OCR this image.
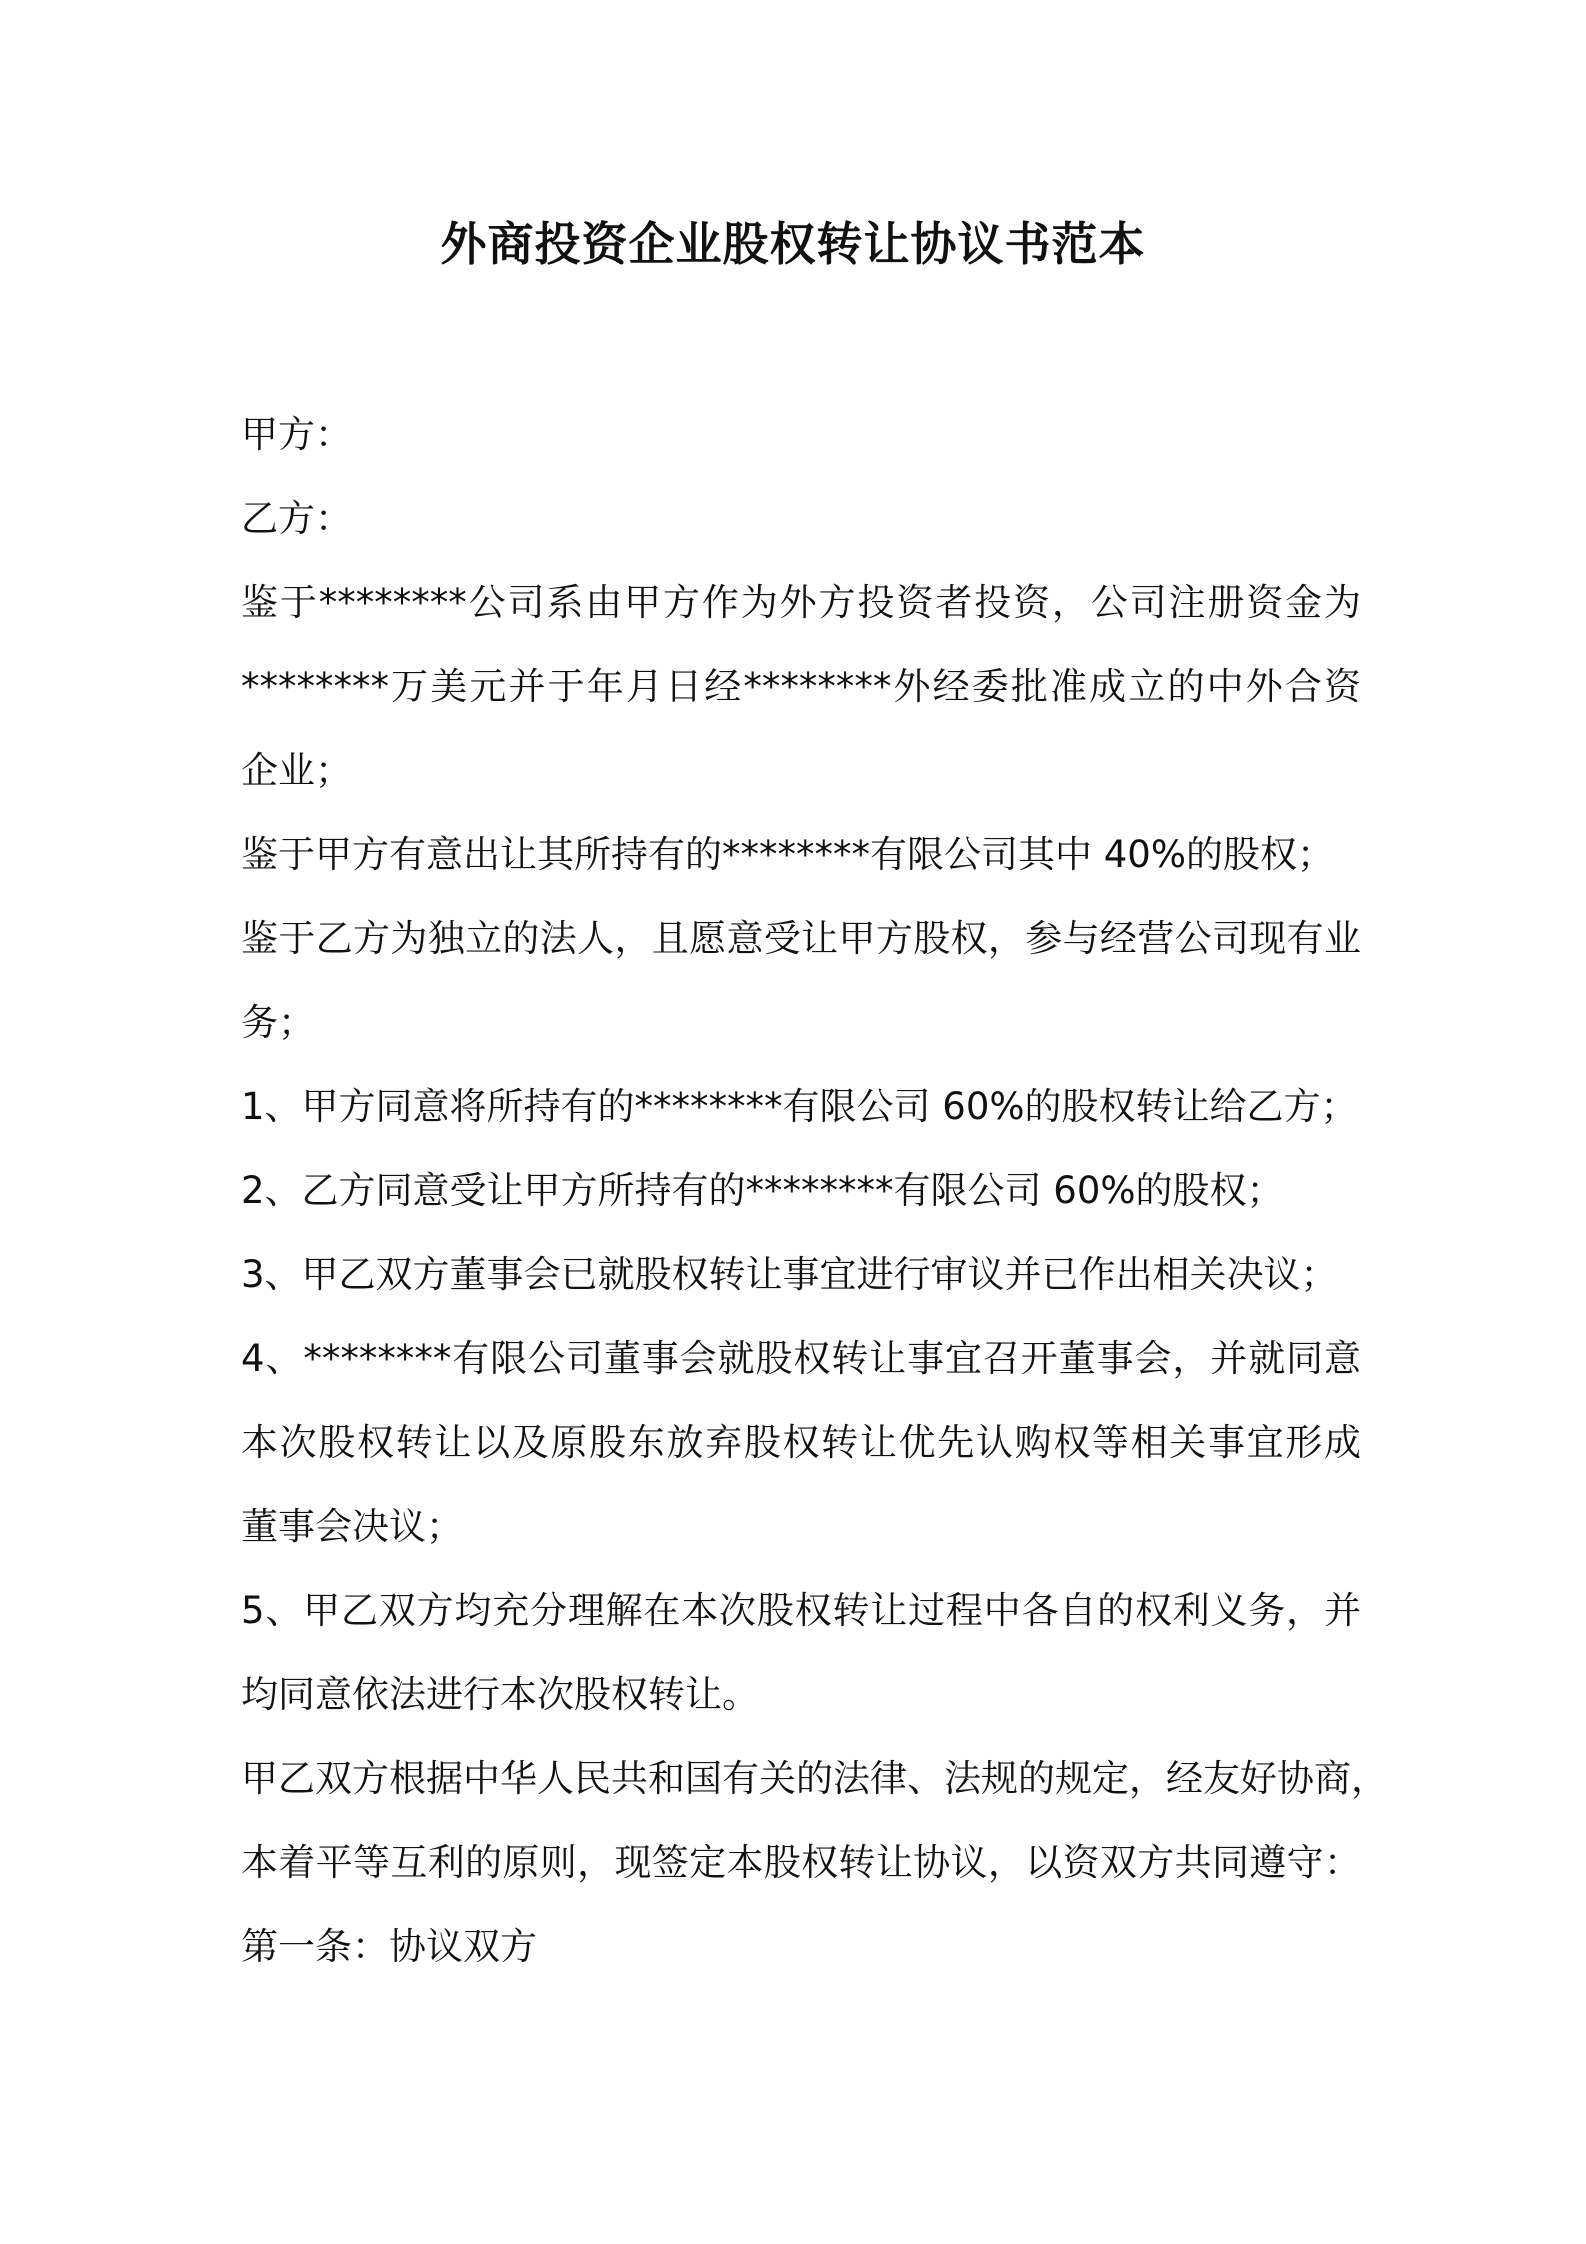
外商投资企业股权转让协议书范本
甲方：
乙方：
鉴于********公司系由甲方作为外方投资者投资，公司注册资金为
********万美元并于年月日经********外经委批准成立的中外合资
企业；
鉴于甲方有意出让其所持有的********有限公司其中 40%的股权；
鉴于乙方为独立的法人，且愿意受让甲方股权，参与经营公司现有业
务；
1、甲方同意将所持有的********有限公司 60%的股权转让给乙方；
2、乙方同意受让甲方所持有的********有限公司 60%的股权；
3、甲乙双方董事会已就股权转让事宜进行审议并已作出相关决议；
4、********有限公司董事会就股权转让事宜召开董事会，并就同意
本次股权转让以及原股东放弃股权转让优先认购权等相关事宜形成
董事会决议；
5、甲乙双方均充分理解在本次股权转让过程中各自的权利义务，并
均同意依法进行本次股权转让。
甲乙双方根据中华人民共和国有关的法律、法规的规定，经友好协商，
本着平等互利的原则，现签定本股权转让协议，以资双方共同遵守：
第一条：协议双方
